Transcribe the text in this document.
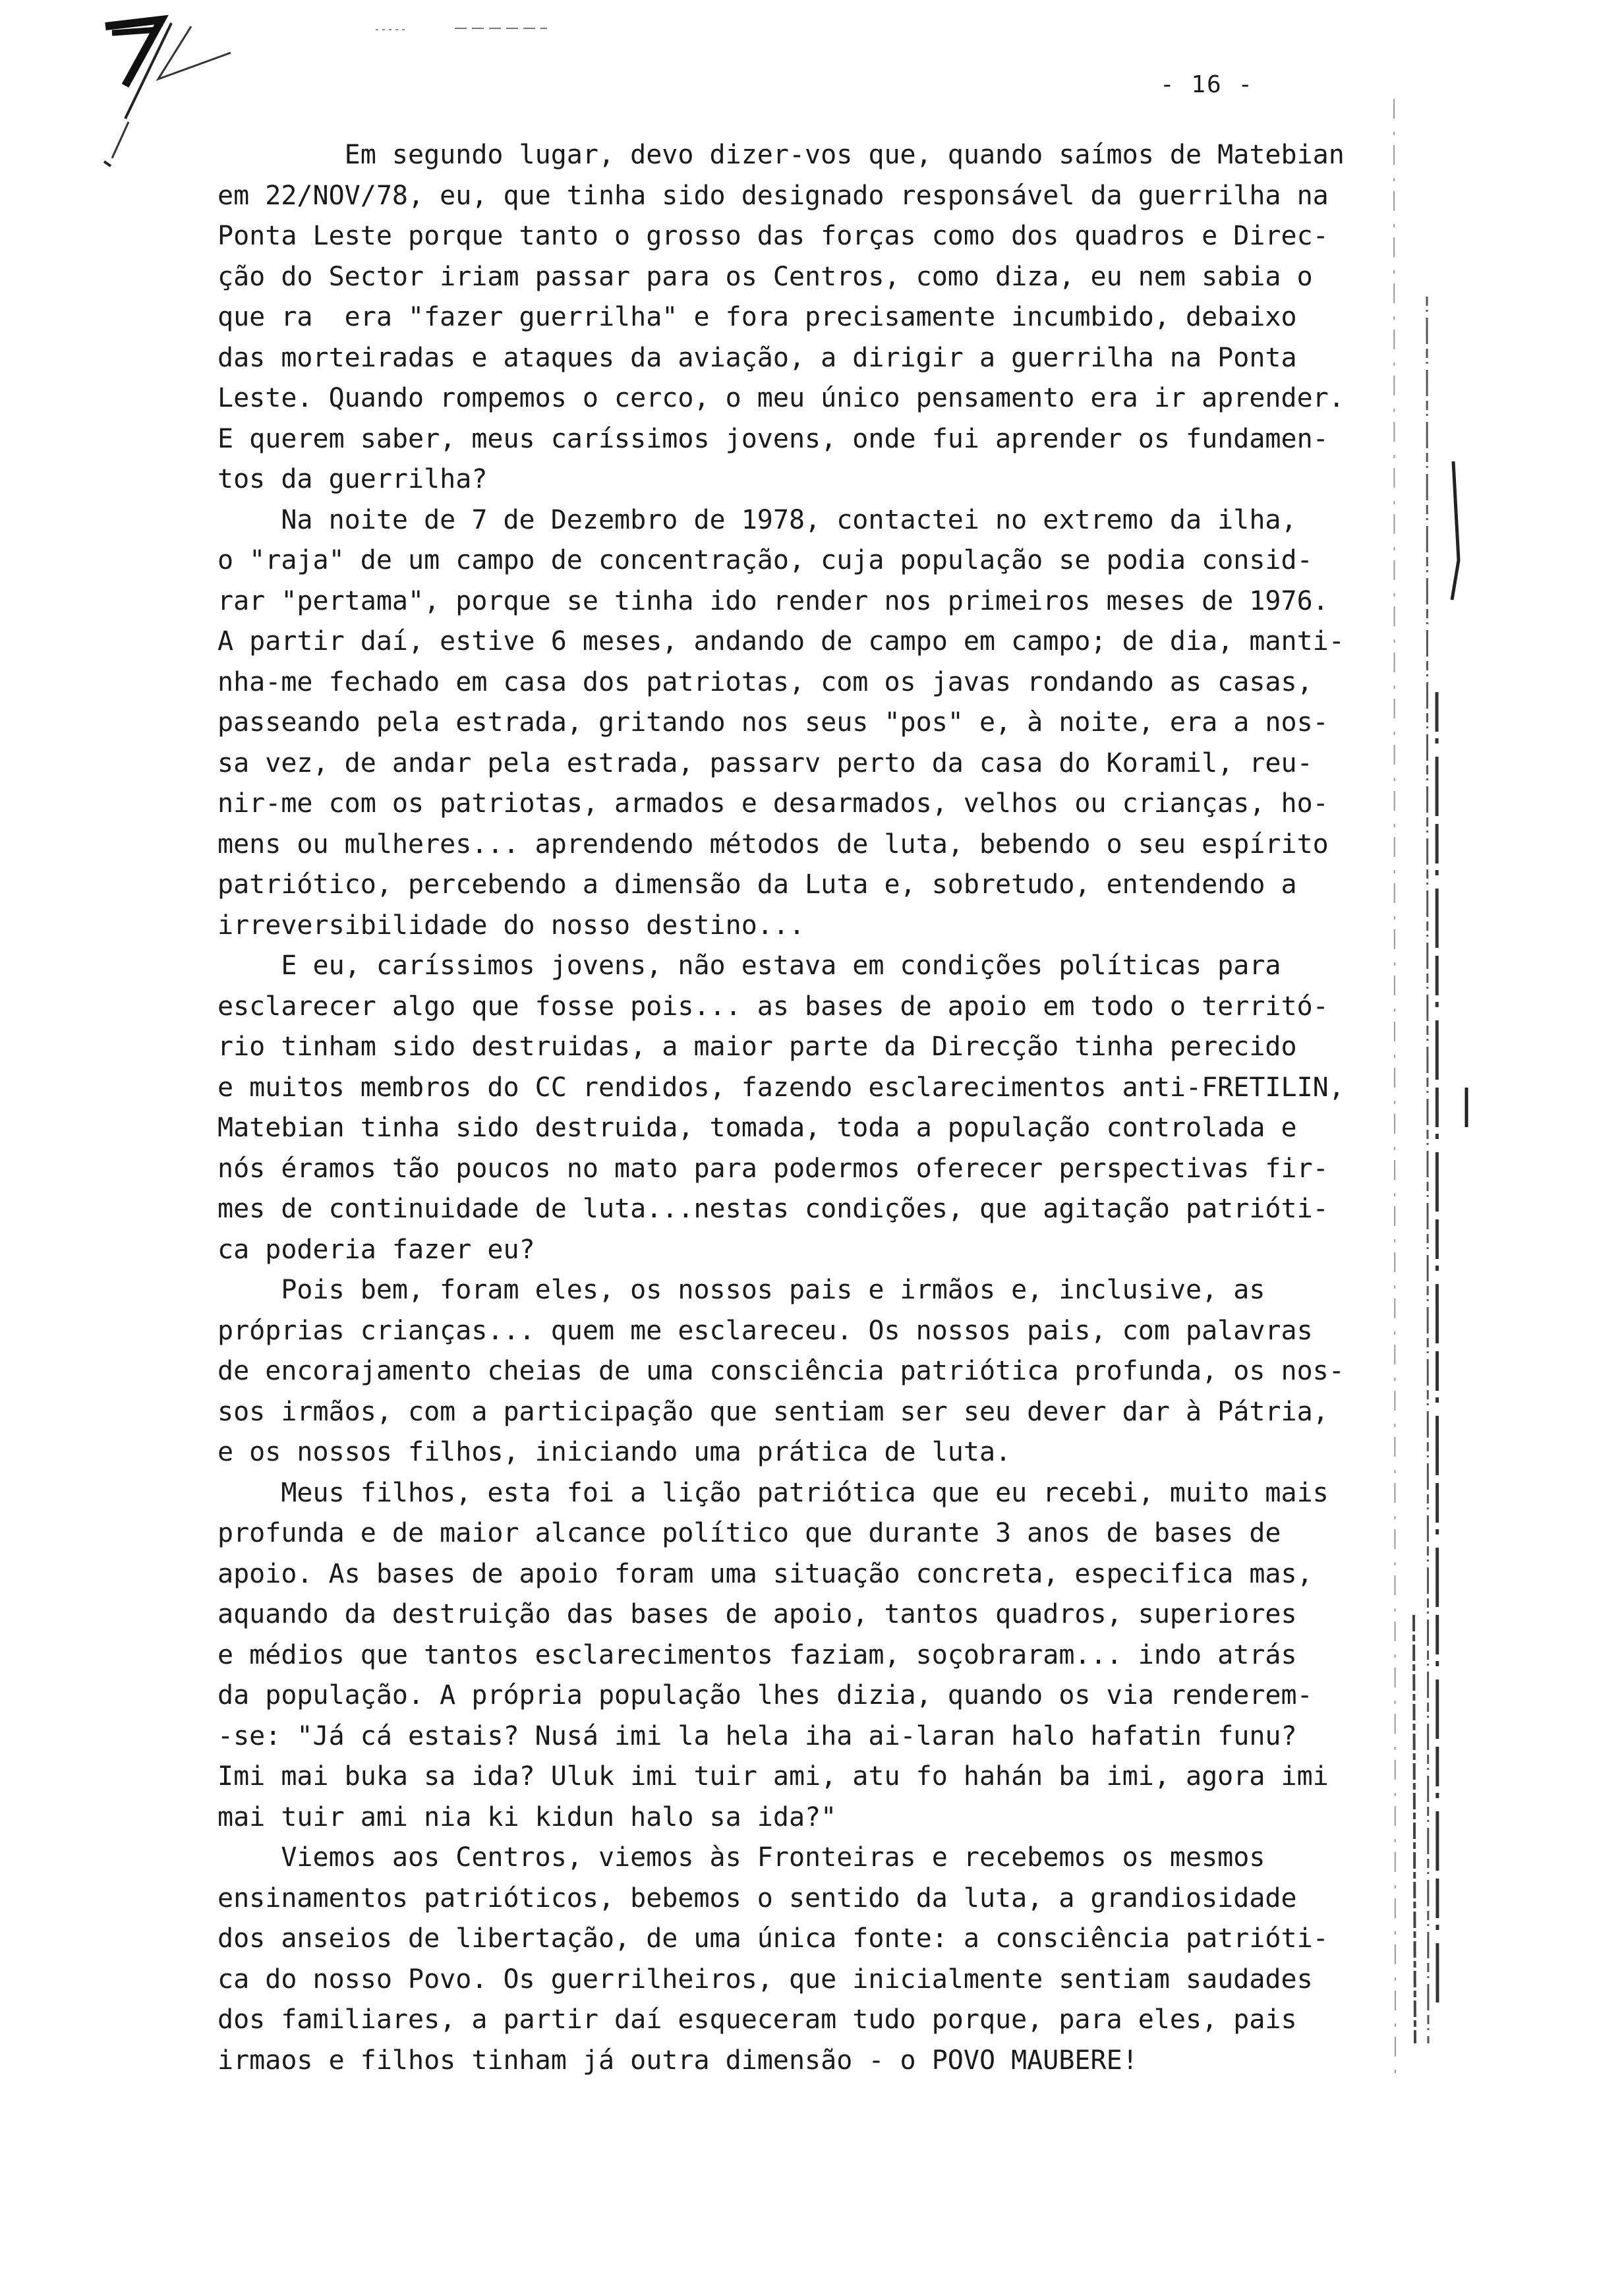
- 16 -
Em segundo lugar, devo dizer-vos que, quando saímos de Matebian
em 22/NOV/78, eu, que tinha sido designado responsável da guerrilha na
Ponta Leste porque tanto o grosso das forças como dos quadros e Direc-
ção do Sector iriam passar para os Centros, como diza, eu nem sabia o
que ra  era "fazer guerrilha" e fora precisamente incumbido, debaixo
das morteiradas e ataques da aviação, a dirigir a guerrilha na Ponta
Leste. Quando rompemos o cerco, o meu único pensamento era ir aprender.
E querem saber, meus caríssimos jovens, onde fui aprender os fundamen-
tos da guerrilha?
Na noite de 7 de Dezembro de 1978, contactei no extremo da ilha,
o "raja" de um campo de concentração, cuja população se podia consid-
rar "pertama", porque se tinha ido render nos primeiros meses de 1976.
A partir daí, estive 6 meses, andando de campo em campo; de dia, manti-
nha-me fechado em casa dos patriotas, com os javas rondando as casas,
passeando pela estrada, gritando nos seus "pos" e, à noite, era a nos-
sa vez, de andar pela estrada, passarv perto da casa do Koramil, reu-
nir-me com os patriotas, armados e desarmados, velhos ou crianças, ho-
mens ou mulheres... aprendendo métodos de luta, bebendo o seu espírito
patriótico, percebendo a dimensão da Luta e, sobretudo, entendendo a
irreversibilidade do nosso destino...
E eu, caríssimos jovens, não estava em condições políticas para
esclarecer algo que fosse pois... as bases de apoio em todo o territó-
rio tinham sido destruidas, a maior parte da Direcção tinha perecido
e muitos membros do CC rendidos, fazendo esclarecimentos anti-FRETILIN,
Matebian tinha sido destruida, tomada, toda a população controlada e
nós éramos tão poucos no mato para podermos oferecer perspectivas fir-
mes de continuidade de luta...nestas condições, que agitação patrióti-
ca poderia fazer eu?
Pois bem, foram eles, os nossos pais e irmãos e, inclusive, as
próprias crianças... quem me esclareceu. Os nossos pais, com palavras
de encorajamento cheias de uma consciência patriótica profunda, os nos-
sos irmãos, com a participação que sentiam ser seu dever dar à Pátria,
e os nossos filhos, iniciando uma prática de luta.
Meus filhos, esta foi a lição patriótica que eu recebi, muito mais
profunda e de maior alcance político que durante 3 anos de bases de
apoio. As bases de apoio foram uma situação concreta, especifica mas,
aquando da destruição das bases de apoio, tantos quadros, superiores
e médios que tantos esclarecimentos faziam, soçobraram... indo atrás
da população. A própria população lhes dizia, quando os via renderem-
-se: "Já cá estais? Nusá imi la hela iha ai-laran halo hafatin funu?
Imi mai buka sa ida? Uluk imi tuir ami, atu fo hahán ba imi, agora imi
mai tuir ami nia ki kidun halo sa ida?"
Viemos aos Centros, viemos às Fronteiras e recebemos os mesmos
ensinamentos patrióticos, bebemos o sentido da luta, a grandiosidade
dos anseios de libertação, de uma única fonte: a consciência patrióti-
ca do nosso Povo. Os guerrilheiros, que inicialmente sentiam saudades
dos familiares, a partir daí esqueceram tudo porque, para eles, pais
irmaos e filhos tinham já outra dimensão - o POVO MAUBERE!
